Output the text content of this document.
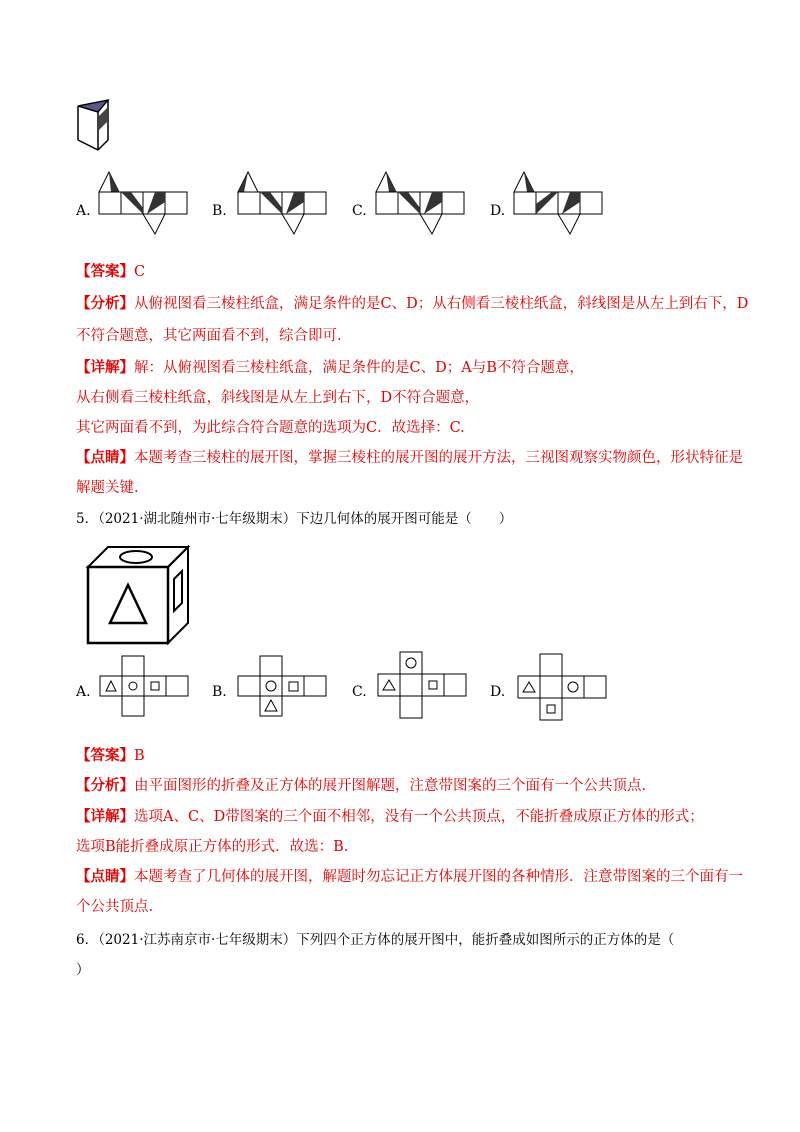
A.	B.	C.	D.
【答案】C
【分析】从俯视图看三棱柱纸盒，满足条件的是C、D；从右侧看三棱柱纸盒，斜线图是从左上到右下，D
不符合题意，其它两面看不到，综合即可.
【详解】解：从俯视图看三棱柱纸盒，满足条件的是C、D；A与B不符合题意，
从右侧看三棱柱纸盒，斜线图是从左上到右下，D不符合题意，
其它两面看不到，为此综合符合题意的选项为C．故选择：C.
【点睛】本题考查三棱柱的展开图，掌握三棱柱的展开图的展开方法，三视图观察实物颜色，形状特征是
解题关键.
5．（2021·湖北随州市·七年级期末）下边几何体的展开图可能是（　　）
A.	B.	C.	D.
【答案】B
【分析】由平面图形的折叠及正方体的展开图解题，注意带图案的三个面有一个公共顶点.
【详解】选项A、C、D带图案的三个面不相邻，没有一个公共顶点，不能折叠成原正方体的形式；
选项B能折叠成原正方体的形式．故选：B.
【点睛】本题考查了几何体的展开图，解题时勿忘记正方体展开图的各种情形．注意带图案的三个面有一
个公共顶点.
6．（2021·江苏南京市·七年级期末）下列四个正方体的展开图中，能折叠成如图所示的正方体的是（
）
